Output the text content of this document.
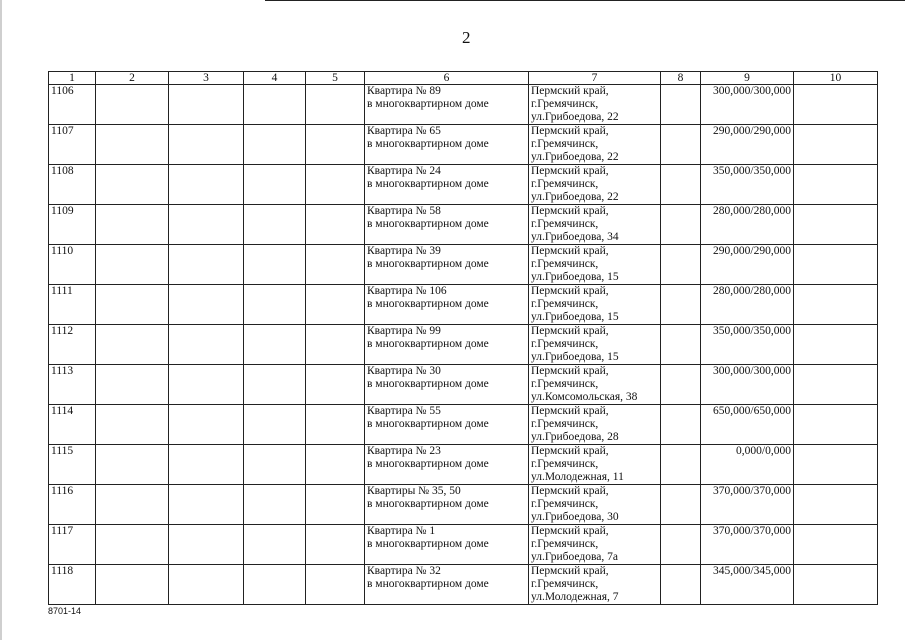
2
1	2	3	4	5	6	7	8	9	10
1106					Квартира № 89
в многоквартирном доме	Пермский край,
г.Гремячинск,
ул.Грибоедова, 22		300,000/300,000	
1107					Квартира № 65
в многоквартирном доме	Пермский край,
г.Гремячинск,
ул.Грибоедова, 22		290,000/290,000	
1108					Квартира № 24
в многоквартирном доме	Пермский край,
г.Гремячинск,
ул.Грибоедова, 22		350,000/350,000	
1109					Квартира № 58
в многоквартирном доме	Пермский край,
г.Гремячинск,
ул.Грибоедова, 34		280,000/280,000	
1110					Квартира № 39
в многоквартирном доме	Пермский край,
г.Гремячинск,
ул.Грибоедова, 15		290,000/290,000	
1111					Квартира № 106
в многоквартирном доме	Пермский край,
г.Гремячинск,
ул.Грибоедова, 15		280,000/280,000	
1112					Квартира № 99
в многоквартирном доме	Пермский край,
г.Гремячинск,
ул.Грибоедова, 15		350,000/350,000	
1113					Квартира № 30
в многоквартирном доме	Пермский край,
г.Гремячинск,
ул.Комсомольская, 38		300,000/300,000	
1114					Квартира № 55
в многоквартирном доме	Пермский край,
г.Гремячинск,
ул.Грибоедова, 28		650,000/650,000	
1115					Квартира № 23
в многоквартирном доме	Пермский край,
г.Гремячинск,
ул.Молодежная, 11		0,000/0,000	
1116					Квартиры № 35, 50
в многоквартирном доме	Пермский край,
г.Гремячинск,
ул.Грибоедова, 30		370,000/370,000	
1117					Квартира № 1
в многоквартирном доме	Пермский край,
г.Гремячинск,
ул.Грибоедова, 7а		370,000/370,000	
1118					Квартира № 32
в многоквартирном доме	Пермский край,
г.Гремячинск,
ул.Молодежная, 7		345,000/345,000	
8701-14
